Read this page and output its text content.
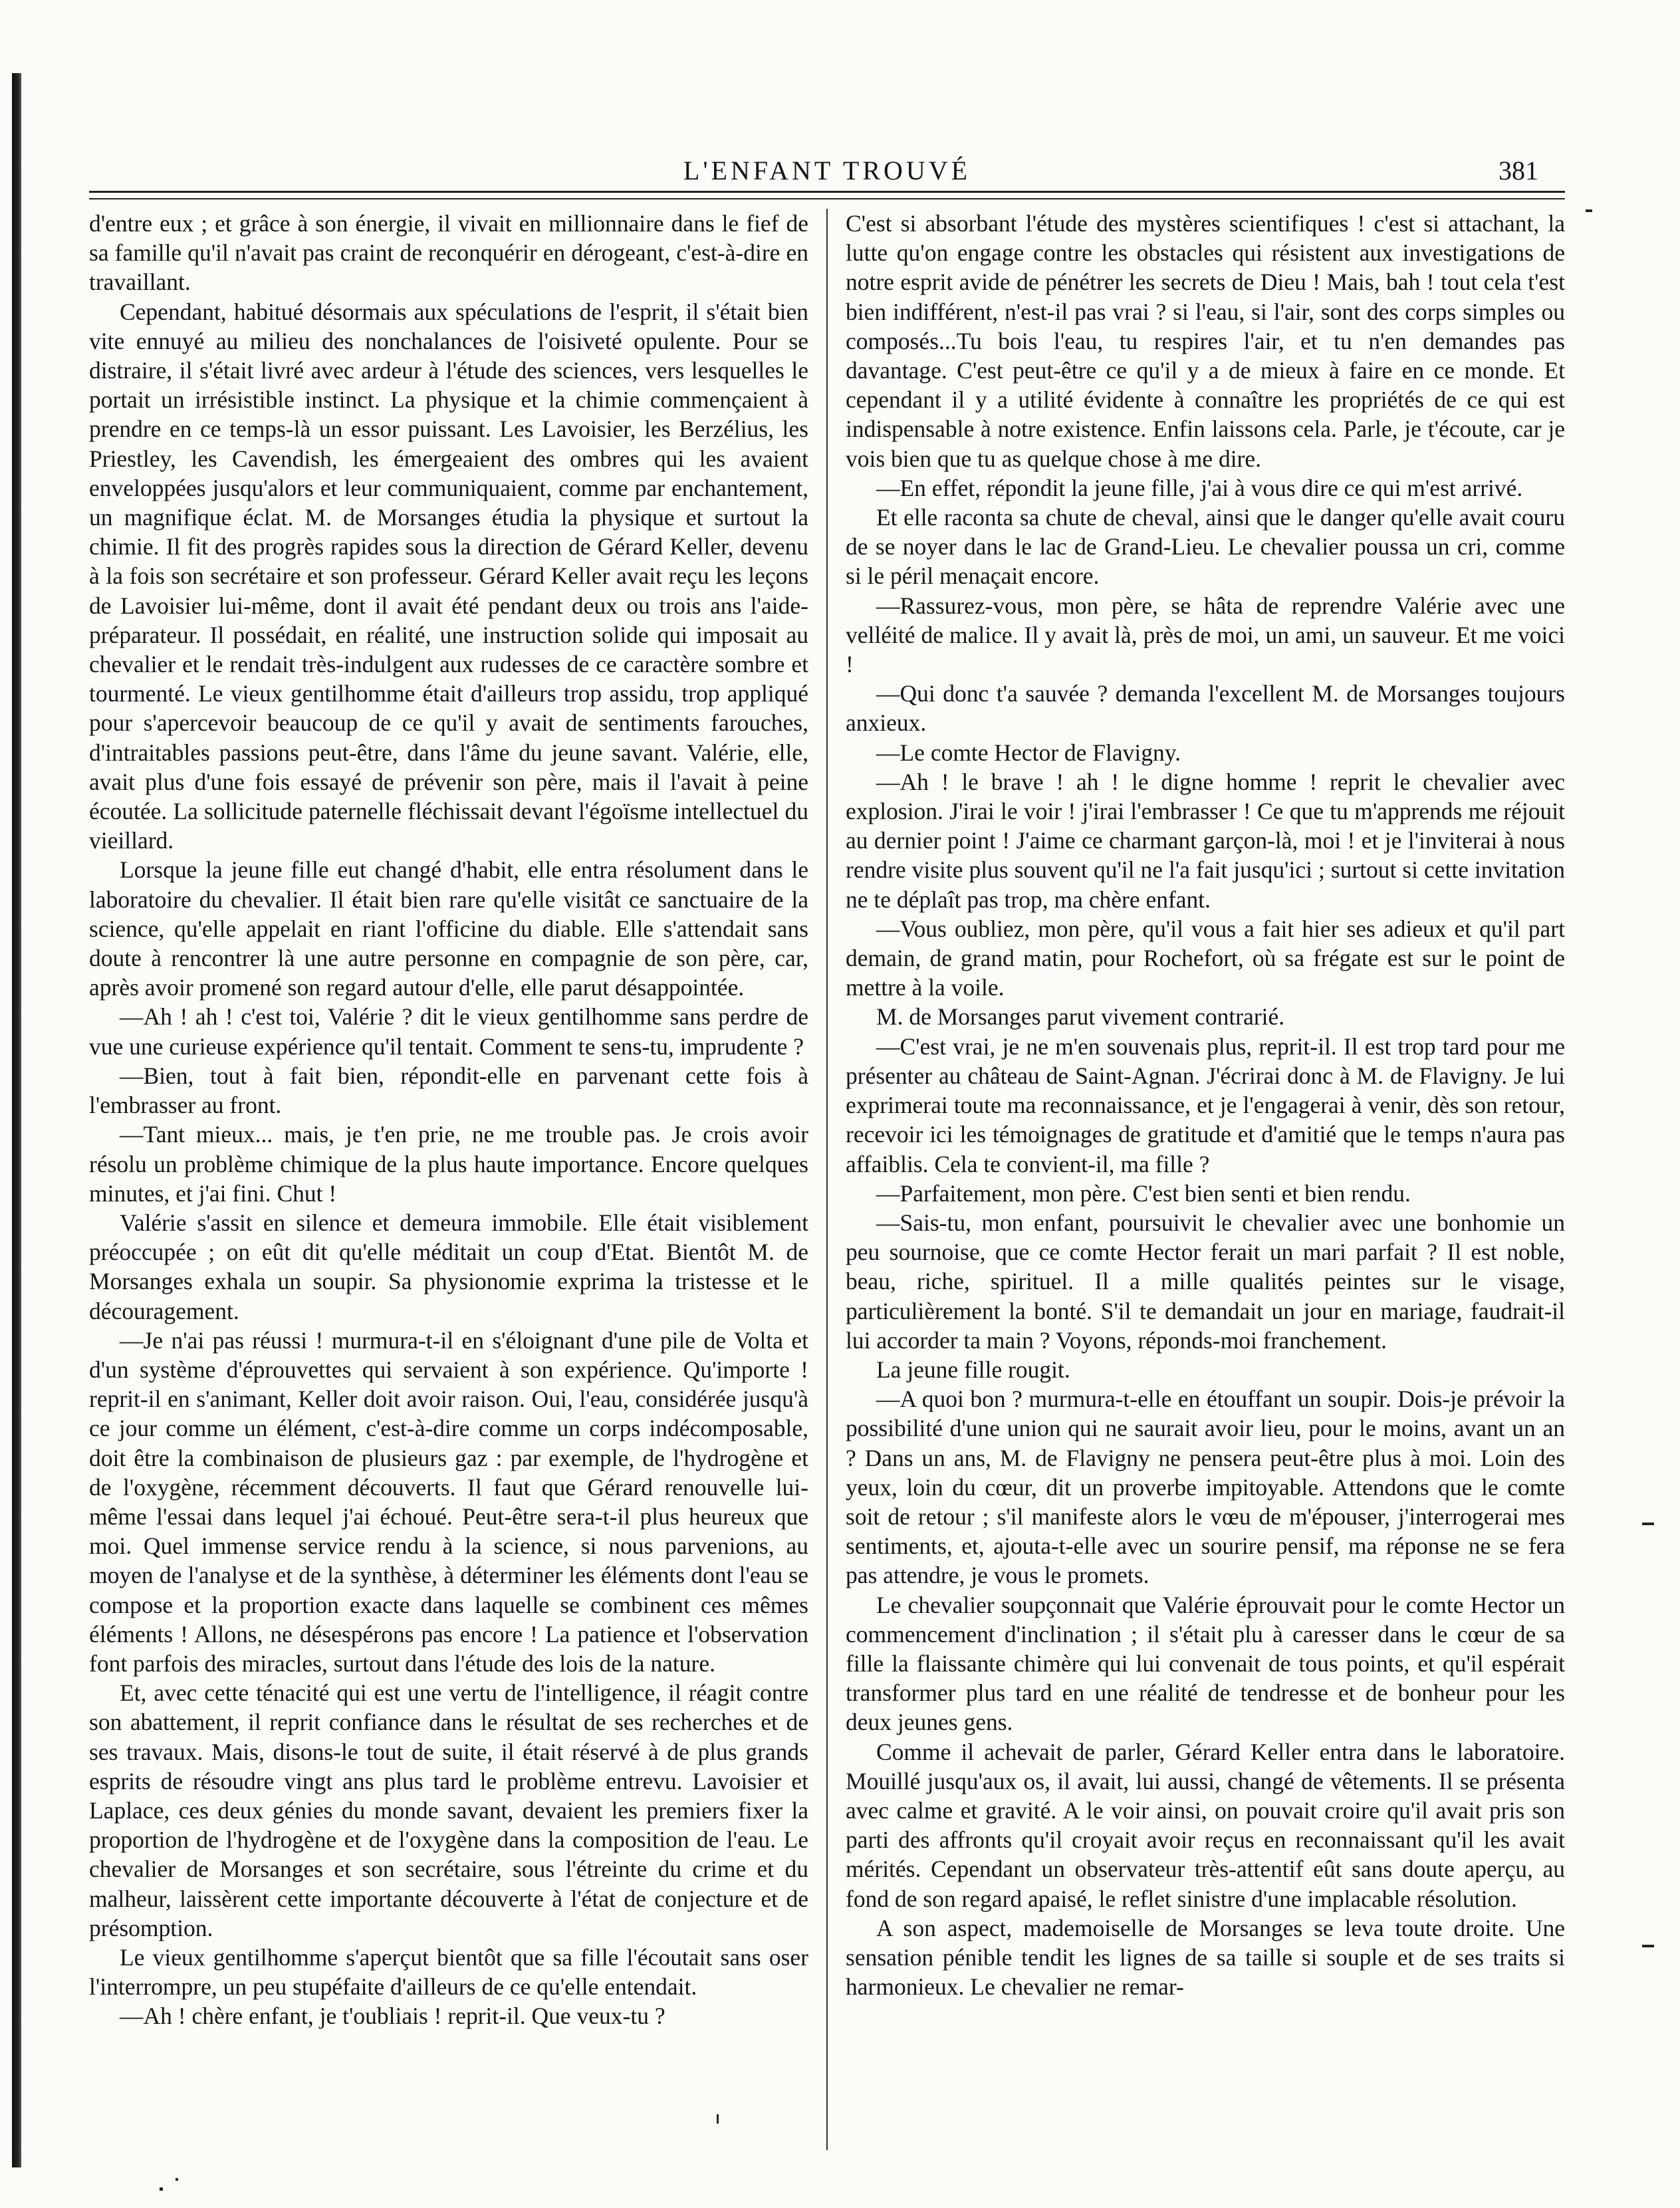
L'ENFANT TROUVÉ	381

d'entre eux ; et grâce à son énergie, il vivait en millionnaire dans le fief de sa famille qu'il n'avait pas craint de reconquérir en dérogeant, c'est-à-dire en travaillant.

Cependant, habitué désormais aux spéculations de l'esprit, il s'était bien vite ennuyé au milieu des nonchalances de l'oisiveté opulente. Pour se distraire, il s'était livré avec ardeur à l'étude des sciences, vers lesquelles le portait un irrésistible instinct. La physique et la chimie commençaient à prendre en ce temps-là un essor puissant. Les Lavoisier, les Berzélius, les Priestley, les Cavendish, les émergeaient des ombres qui les avaient enveloppées jusqu'alors et leur communiquaient, comme par enchantement, un magnifique éclat. M. de Morsanges étudia la physique et surtout la chimie. Il fit des progrès rapides sous la direction de Gérard Keller, devenu à la fois son secrétaire et son professeur. Gérard Keller avait reçu les leçons de Lavoisier lui-même, dont il avait été pendant deux ou trois ans l'aide-préparateur. Il possédait, en réalité, une instruction solide qui imposait au chevalier et le rendait très-indulgent aux rudesses de ce caractère sombre et tourmenté. Le vieux gentilhomme était d'ailleurs trop assidu, trop appliqué pour s'apercevoir beaucoup de ce qu'il y avait de sentiments farouches, d'intraitables passions peut-être, dans l'âme du jeune savant. Valérie, elle, avait plus d'une fois essayé de prévenir son père, mais il l'avait à peine écoutée. La sollicitude paternelle fléchissait devant l'égoïsme intellectuel du vieillard.

Lorsque la jeune fille eut changé d'habit, elle entra résolument dans le laboratoire du chevalier. Il était bien rare qu'elle visitât ce sanctuaire de la science, qu'elle appelait en riant l'officine du diable. Elle s'attendait sans doute à rencontrer là une autre personne en compagnie de son père, car, après avoir promené son regard autour d'elle, elle parut désappointée.

—Ah ! ah ! c'est toi, Valérie ? dit le vieux gentilhomme sans perdre de vue une curieuse expérience qu'il tentait. Comment te sens-tu, imprudente ?

—Bien, tout à fait bien, répondit-elle en parvenant cette fois à l'embrasser au front.

—Tant mieux... mais, je t'en prie, ne me trouble pas. Je crois avoir résolu un problème chimique de la plus haute importance. Encore quelques minutes, et j'ai fini. Chut !

Valérie s'assit en silence et demeura immobile. Elle était visiblement préoccupée ; on eût dit qu'elle méditait un coup d'Etat. Bientôt M. de Morsanges exhala un soupir. Sa physionomie exprima la tristesse et le découragement.

—Je n'ai pas réussi ! murmura-t-il en s'éloignant d'une pile de Volta et d'un système d'éprouvettes qui servaient à son expérience. Qu'importe ! reprit-il en s'animant, Keller doit avoir raison. Oui, l'eau, considérée jusqu'à ce jour comme un élément, c'est-à-dire comme un corps indécomposable, doit être la combinaison de plusieurs gaz : par exemple, de l'hydrogène et de l'oxygène, récemment découverts. Il faut que Gérard renouvelle lui-même l'essai dans lequel j'ai échoué. Peut-être sera-t-il plus heureux que moi. Quel immense service rendu à la science, si nous parvenions, au moyen de l'analyse et de la synthèse, à déterminer les éléments dont l'eau se compose et la proportion exacte dans laquelle se combinent ces mêmes éléments ! Allons, ne désespérons pas encore ! La patience et l'observation font parfois des miracles, surtout dans l'étude des lois de la nature.

Et, avec cette ténacité qui est une vertu de l'intelligence, il réagit contre son abattement, il reprit confiance dans le résultat de ses recherches et de ses travaux. Mais, disons-le tout de suite, il était réservé à de plus grands esprits de résoudre vingt ans plus tard le problème entrevu. Lavoisier et Laplace, ces deux génies du monde savant, devaient les premiers fixer la proportion de l'hydrogène et de l'oxygène dans la composition de l'eau. Le chevalier de Morsanges et son secrétaire, sous l'étreinte du crime et du malheur, laissèrent cette importante découverte à l'état de conjecture et de présomption.

Le vieux gentilhomme s'aperçut bientôt que sa fille l'écoutait sans oser l'interrompre, un peu stupéfaite d'ailleurs de ce qu'elle entendait.

—Ah ! chère enfant, je t'oubliais ! reprit-il. Que veux-tu ?

C'est si absorbant l'étude des mystères scientifiques ! c'est si attachant, la lutte qu'on engage contre les obstacles qui résistent aux investigations de notre esprit avide de pénétrer les secrets de Dieu ! Mais, bah ! tout cela t'est bien indifférent, n'est-il pas vrai ? si l'eau, si l'air, sont des corps simples ou composés...Tu bois l'eau, tu respires l'air, et tu n'en demandes pas davantage. C'est peut-être ce qu'il y a de mieux à faire en ce monde. Et cependant il y a utilité évidente à connaître les propriétés de ce qui est indispensable à notre existence. Enfin laissons cela. Parle, je t'écoute, car je vois bien que tu as quelque chose à me dire.

—En effet, répondit la jeune fille, j'ai à vous dire ce qui m'est arrivé.

Et elle raconta sa chute de cheval, ainsi que le danger qu'elle avait couru de se noyer dans le lac de Grand-Lieu. Le chevalier poussa un cri, comme si le péril menaçait encore.

—Rassurez-vous, mon père, se hâta de reprendre Valérie avec une velléité de malice. Il y avait là, près de moi, un ami, un sauveur. Et me voici !

—Qui donc t'a sauvée ? demanda l'excellent M. de Morsanges toujours anxieux.

—Le comte Hector de Flavigny.

—Ah ! le brave ! ah ! le digne homme ! reprit le chevalier avec explosion. J'irai le voir ! j'irai l'embrasser ! Ce que tu m'apprends me réjouit au dernier point ! J'aime ce charmant garçon-là, moi ! et je l'inviterai à nous rendre visite plus souvent qu'il ne l'a fait jusqu'ici ; surtout si cette invitation ne te déplaît pas trop, ma chère enfant.

—Vous oubliez, mon père, qu'il vous a fait hier ses adieux et qu'il part demain, de grand matin, pour Rochefort, où sa frégate est sur le point de mettre à la voile.

M. de Morsanges parut vivement contrarié.

—C'est vrai, je ne m'en souvenais plus, reprit-il. Il est trop tard pour me présenter au château de Saint-Agnan. J'écrirai donc à M. de Flavigny. Je lui exprimerai toute ma reconnaissance, et je l'engagerai à venir, dès son retour, recevoir ici les témoignages de gratitude et d'amitié que le temps n'aura pas affaiblis. Cela te convient-il, ma fille ?

—Parfaitement, mon père. C'est bien senti et bien rendu.

—Sais-tu, mon enfant, poursuivit le chevalier avec une bonhomie un peu sournoise, que ce comte Hector ferait un mari parfait ? Il est noble, beau, riche, spirituel. Il a mille qualités peintes sur le visage, particulièrement la bonté. S'il te demandait un jour en mariage, faudrait-il lui accorder ta main ? Voyons, réponds-moi franchement.

La jeune fille rougit.

—A quoi bon ? murmura-t-elle en étouffant un soupir. Dois-je prévoir la possibilité d'une union qui ne saurait avoir lieu, pour le moins, avant un an ? Dans un ans, M. de Flavigny ne pensera peut-être plus à moi. Loin des yeux, loin du cœur, dit un proverbe impitoyable. Attendons que le comte soit de retour ; s'il manifeste alors le vœu de m'épouser, j'interrogerai mes sentiments, et, ajouta-t-elle avec un sourire pensif, ma réponse ne se fera pas attendre, je vous le promets.

Le chevalier soupçonnait que Valérie éprouvait pour le comte Hector un commencement d'inclination ; il s'était plu à caresser dans le cœur de sa fille la flaissante chimère qui lui convenait de tous points, et qu'il espérait transformer plus tard en une réalité de tendresse et de bonheur pour les deux jeunes gens.

Comme il achevait de parler, Gérard Keller entra dans le laboratoire. Mouillé jusqu'aux os, il avait, lui aussi, changé de vêtements. Il se présenta avec calme et gravité. A le voir ainsi, on pouvait croire qu'il avait pris son parti des affronts qu'il croyait avoir reçus en reconnaissant qu'il les avait mérités. Cependant un observateur très-attentif eût sans doute aperçu, au fond de son regard apaisé, le reflet sinistre d'une implacable résolution.

A son aspect, mademoiselle de Morsanges se leva toute droite. Une sensation pénible tendit les lignes de sa taille si souple et de ses traits si harmonieux. Le chevalier ne remar-
